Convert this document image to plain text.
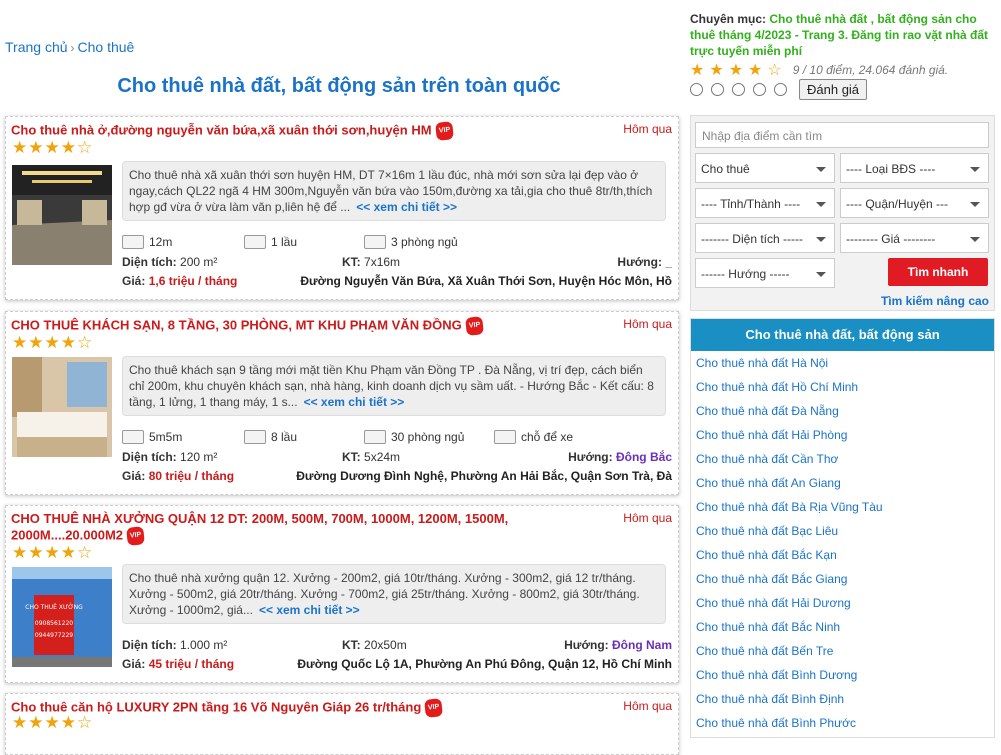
Trang chủ › Cho thuê
Cho thuê nhà đất, bất động sản trên toàn quốc
Cho thuê nhà ở,đường nguyễn văn bứa,xã xuân thới sơn,huyện HM VIP	Hôm qua
★★★★☆
Cho thuê nhà xã xuân thới sơn huyện HM, DT 7×16m 1 lầu đúc, nhà mới sơn sửa lại đẹp vào ở ngay,cách QL22 ngã 4 HM 300m,Nguyễn văn bứa vào 150m,đường xa tải,gia cho thuê 8tr/th,thích hợp gđ vừa ở vừa làm văn p,liên hệ để ... << xem chi tiết >>
12m	1 lầu	3 phòng ngủ
Diện tích: 200 m²	KT: 7x16m	Hướng: _
Giá: 1,6 triệu / tháng	Đường Nguyễn Văn Bứa, Xã Xuân Thới Sơn, Huyện Hóc Môn, Hồ
CHO THUÊ KHÁCH SẠN, 8 TẦNG, 30 PHÒNG, MT KHU PHẠM VĂN ĐỒNG VIP	Hôm qua
★★★★☆
Cho thuê khách sạn 9 tầng mới mặt tiền Khu Phạm văn Đồng TP . Đà Nẵng, vị trí đẹp, cách biển chỉ 200m, khu chuyên khách sạn, nhà hàng, kinh doanh dịch vụ sầm uất. - Hướng Bắc - Kết cấu: 8 tầng, 1 lửng, 1 thang máy, 1 s... << xem chi tiết >>
5m5m	8 lầu	30 phòng ngủ	chỗ để xe
Diện tích: 120 m²	KT: 5x24m	Hướng: Đông Bắc
Giá: 80 triệu / tháng	Đường Dương Đình Nghệ, Phường An Hải Bắc, Quận Sơn Trà, Đà
CHO THUÊ NHÀ XƯỞNG QUẬN 12 DT: 200M, 500M, 700M, 1000M, 1200M, 1500M, 2000M....20.000M2 VIP
Hôm qua
★★★★☆
CHO THUÊ XƯỞNG
0908561220
0944977229
Cho thuê nhà xưởng quận 12. Xưởng - 200m2, giá 10tr/tháng. Xưởng - 300m2, giá 12 tr/tháng. Xưởng - 500m2, giá 20tr/tháng. Xưởng - 700m2, giá 25tr/tháng. Xưởng - 800m2, giá 30tr/tháng. Xưởng - 1000m2, giá... << xem chi tiết >>
Diện tích: 1.000 m²	KT: 20x50m	Hướng: Đông Nam
Giá: 45 triệu / tháng	Đường Quốc Lộ 1A, Phường An Phú Đông, Quận 12, Hồ Chí Minh
Cho thuê căn hộ LUXURY 2PN tầng 16 Võ Nguyên Giáp 26 tr/tháng VIP	Hôm qua
★★★★☆
Chuyên mục: Cho thuê nhà đất , bất động sản cho thuê tháng 4/2023 - Trang 3. Đăng tin rao vặt nhà đất trực tuyến miễn phí
★★★★☆ 9 / 10 điểm, 24.064 đánh giá.
Đánh giá
Nhập địa điểm cần tìm
Cho thuê	---- Loại BĐS ----
---- Tỉnh/Thành ----	---- Quận/Huyện ---
------- Diện tích -----	-------- Giá --------
------ Hướng -----	Tìm nhanh
Tìm kiếm nâng cao
Cho thuê nhà đất, bất động sản
Cho thuê nhà đất Hà Nội
Cho thuê nhà đất Hồ Chí Minh
Cho thuê nhà đất Đà Nẵng
Cho thuê nhà đất Hải Phòng
Cho thuê nhà đất Cần Thơ
Cho thuê nhà đất An Giang
Cho thuê nhà đất Bà Rịa Vũng Tàu
Cho thuê nhà đất Bạc Liêu
Cho thuê nhà đất Bắc Kạn
Cho thuê nhà đất Bắc Giang
Cho thuê nhà đất Hải Dương
Cho thuê nhà đất Bắc Ninh
Cho thuê nhà đất Bến Tre
Cho thuê nhà đất Bình Dương
Cho thuê nhà đất Bình Định
Cho thuê nhà đất Bình Phước
